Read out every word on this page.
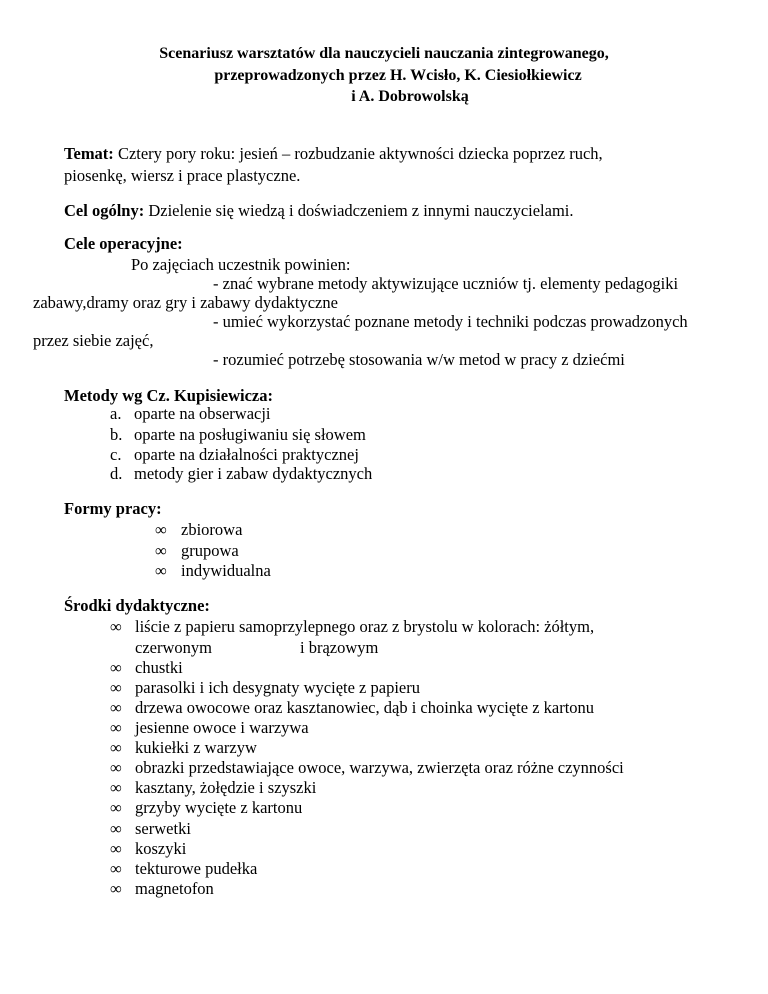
Scenariusz warsztatów dla nauczycieli nauczania zintegrowanego,
przeprowadzonych przez H. Wcisło, K. Ciesiołkiewicz
i A. Dobrowolską
Temat: Cztery pory roku: jesień – rozbudzanie aktywności dziecka poprzez ruch,
piosenkę, wiersz i prace plastyczne.
Cel ogólny: Dzielenie się wiedzą i doświadczeniem z innymi nauczycielami.
Cele operacyjne:
Po zajęciach uczestnik powinien:
- znać wybrane metody aktywizujące uczniów tj. elementy pedagogiki
zabawy,dramy oraz gry i zabawy dydaktyczne
- umieć wykorzystać poznane metody i techniki podczas prowadzonych
przez siebie zajęć,
- rozumieć potrzebę stosowania w/w metod w pracy z dziećmi
Metody wg Cz. Kupisiewicza:
a. oparte na obserwacji
b. oparte na posługiwaniu się słowem
c. oparte na działalności praktycznej
d. metody gier i zabaw dydaktycznych
Formy pracy:
∞ zbiorowa
∞ grupowa
∞ indywidualna
Środki dydaktyczne:
∞ liście z papieru samoprzylepnego oraz z brystolu w kolorach: żółtym,
czerwonym	i brązowym
∞ chustki
∞ parasolki i ich desygnaty wycięte z papieru
∞ drzewa owocowe oraz kasztanowiec, dąb i choinka wycięte z kartonu
∞ jesienne owoce i warzywa
∞ kukiełki z warzyw
∞ obrazki przedstawiające owoce, warzywa, zwierzęta oraz różne czynności
∞ kasztany, żołędzie i szyszki
∞ grzyby wycięte z kartonu
∞ serwetki
∞ koszyki
∞ tekturowe pudełka
∞ magnetofon
